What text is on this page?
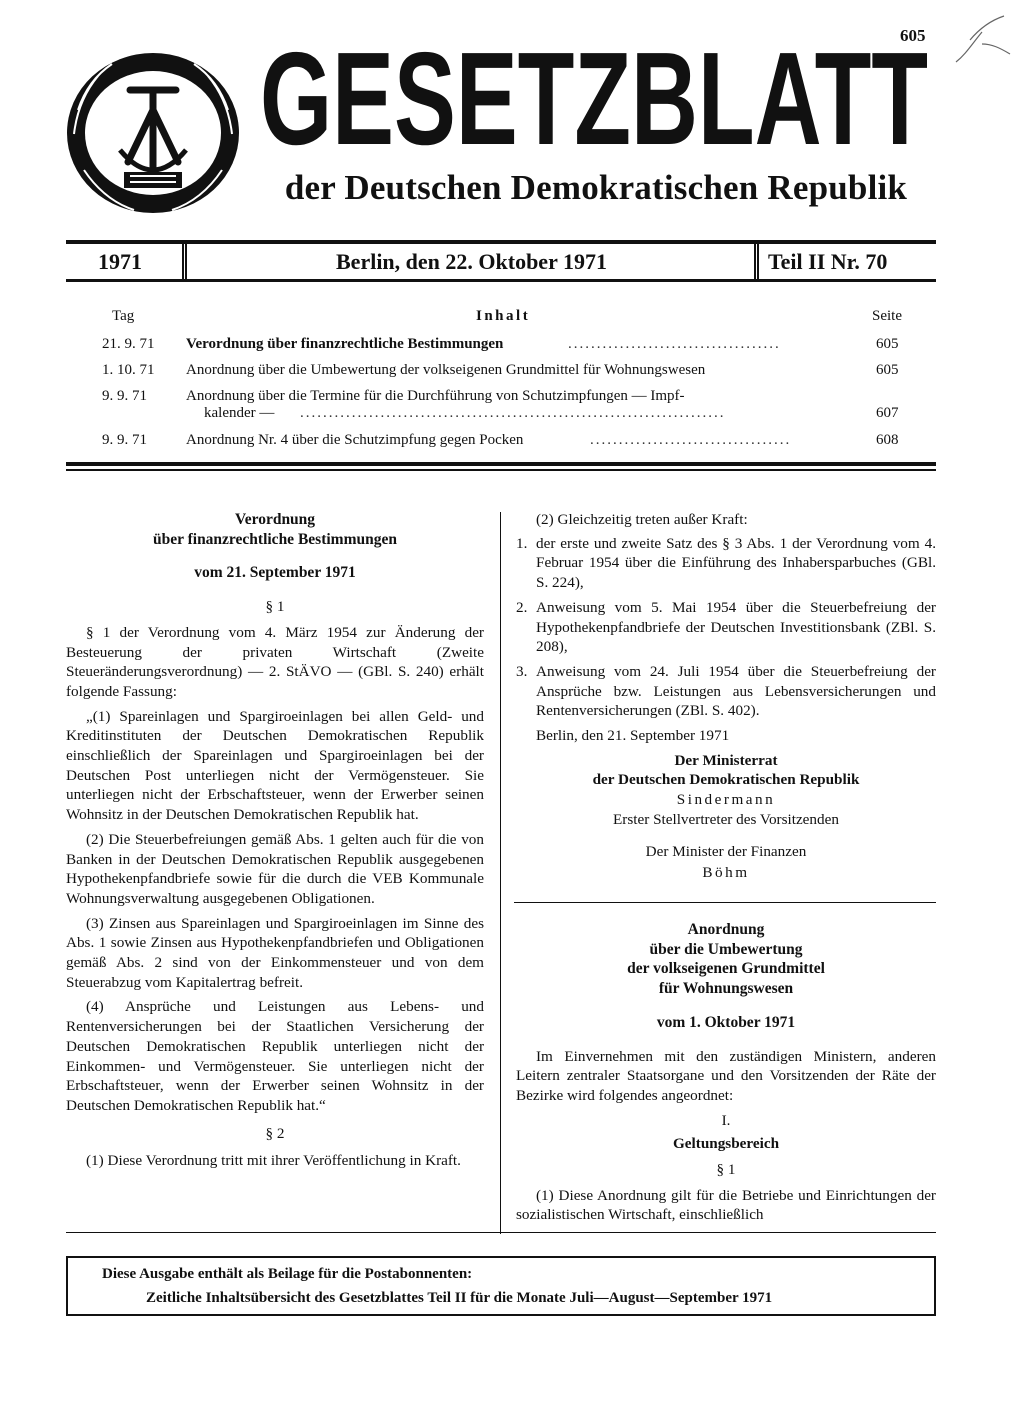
605
GESETZBLATT
der Deutschen Demokratischen Republik
1971	Berlin, den 22. Oktober 1971	Teil II Nr. 70
Tag	Inhalt	Seite
21. 9. 71 Verordnung über finanzrechtliche Bestimmungen	.....................................	605
1. 10. 71 Anordnung über die Umbewertung der volkseigenen Grundmittel für Wohnungswesen	605
9. 9. 71	Anordnung über die Termine für die Durchführung von Schutzimpfungen — Impf-
kalender — ..........................................................................	607
9. 9. 71	Anordnung Nr. 4 über die Schutzimpfung gegen Pocken	...................................	608
Verordnung
über finanzrechtliche Bestimmungen
vom 21. September 1971
§ 1

§ 1 der Verordnung vom 4. März 1954 zur Änderung der Besteuerung der privaten Wirtschaft (Zweite Steueränderungsverordnung) — 2. StÄVO — (GBl. S. 240) erhält folgende Fassung:

„(1) Spareinlagen und Spargiroeinlagen bei allen Geld- und Kreditinstituten der Deutschen Demokratischen Republik einschließlich der Spareinlagen und Spargiroeinlagen bei der Deutschen Post unterliegen nicht der Vermögensteuer. Sie unterliegen nicht der Erbschaftsteuer, wenn der Erwerber seinen Wohnsitz in der Deutschen Demokratischen Republik hat.

(2) Die Steuerbefreiungen gemäß Abs. 1 gelten auch für die von Banken in der Deutschen Demokratischen Republik ausgegebenen Hypothekenpfandbriefe sowie für die durch die VEB Kommunale Wohnungsverwaltung ausgegebenen Obligationen.

(3) Zinsen aus Spareinlagen und Spargiroeinlagen im Sinne des Abs. 1 sowie Zinsen aus Hypothekenpfandbriefen und Obligationen gemäß Abs. 2 sind von der Einkommensteuer und von dem Steuerabzug vom Kapitalertrag befreit.

(4) Ansprüche und Leistungen aus Lebens- und Rentenversicherungen bei der Staatlichen Versicherung der Deutschen Demokratischen Republik unterliegen nicht der Einkommen- und Vermögensteuer. Sie unterliegen nicht der Erbschaftsteuer, wenn der Erwerber seinen Wohnsitz in der Deutschen Demokratischen Republik hat.“

§ 2

(1) Diese Verordnung tritt mit ihrer Veröffentlichung in Kraft.

(2) Gleichzeitig treten außer Kraft:

1. der erste und zweite Satz des § 3 Abs. 1 der Verordnung vom 4. Februar 1954 über die Einführung des Inhabersparbuches (GBl. S. 224),
2. Anweisung vom 5. Mai 1954 über die Steuerbefreiung der Hypothekenpfandbriefe der Deutschen Investitionsbank (ZBl. S. 208),
3. Anweisung vom 24. Juli 1954 über die Steuerbefreiung der Ansprüche bzw. Leistungen aus Lebensversicherungen und Rentenversicherungen (ZBl. S. 402).

Berlin, den 21. September 1971

Der Ministerrat
der Deutschen Demokratischen Republik
Sindermann
Erster Stellvertreter des Vorsitzenden
Der Minister der Finanzen
Böhm
Anordnung
über die Umbewertung
der volkseigenen Grundmittel
für Wohnungswesen
vom 1. Oktober 1971

Im Einvernehmen mit den zuständigen Ministern, anderen Leitern zentraler Staatsorgane und den Vorsitzenden der Räte der Bezirke wird folgendes angeordnet:

I.
Geltungsbereich
§ 1

(1) Diese Anordnung gilt für die Betriebe und Einrichtungen der sozialistischen Wirtschaft, einschließlich

Diese Ausgabe enthält als Beilage für die Postabonnenten:
Zeitliche Inhaltsübersicht des Gesetzblattes Teil II für die Monate Juli—August—September 1971
